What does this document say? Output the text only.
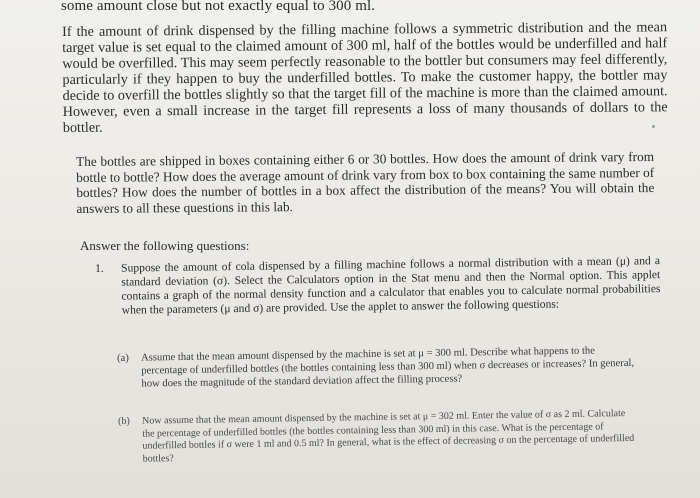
some amount close but not exactly equal to 300 ml.
If the amount of drink dispensed by the filling machine follows a symmetric distribution and the mean target value is set equal to the claimed amount of 300 ml, half of the bottles would be underfilled and half would be overfilled. This may seem perfectly reasonable to the bottler but consumers may feel differently, particularly if they happen to buy the underfilled bottles. To make the customer happy, the bottler may decide to overfill the bottles slightly so that the target fill of the machine is more than the claimed amount. However, even a small increase in the target fill represents a loss of many thousands of dollars to the bottler.
The bottles are shipped in boxes containing either 6 or 30 bottles. How does the amount of drink vary from bottle to bottle? How does the average amount of drink vary from box to box containing the same number of bottles? How does the number of bottles in a box affect the distribution of the means? You will obtain the answers to all these questions in this lab.
Answer the following questions:
1. Suppose the amount of cola dispensed by a filling machine follows a normal distribution with a mean (μ) and a standard deviation (σ). Select the Calculators option in the Stat menu and then the Normal option. This applet contains a graph of the normal density function and a calculator that enables you to calculate normal probabilities when the parameters (μ and σ) are provided. Use the applet to answer the following questions:
(a) Assume that the mean amount dispensed by the machine is set at μ = 300 ml. Describe what happens to the percentage of underfilled bottles (the bottles containing less than 300 ml) when σ decreases or increases? In general, how does the magnitude of the standard deviation affect the filling process?
(b) Now assume that the mean amount dispensed by the machine is set at μ = 302 ml. Enter the value of σ as 2 ml. Calculate the percentage of underfilled bottles (the bottles containing less than 300 ml) in this case. What is the percentage of underfilled bottles if σ were 1 ml and 0.5 ml? In general, what is the effect of decreasing σ on the percentage of underfilled bottles?
